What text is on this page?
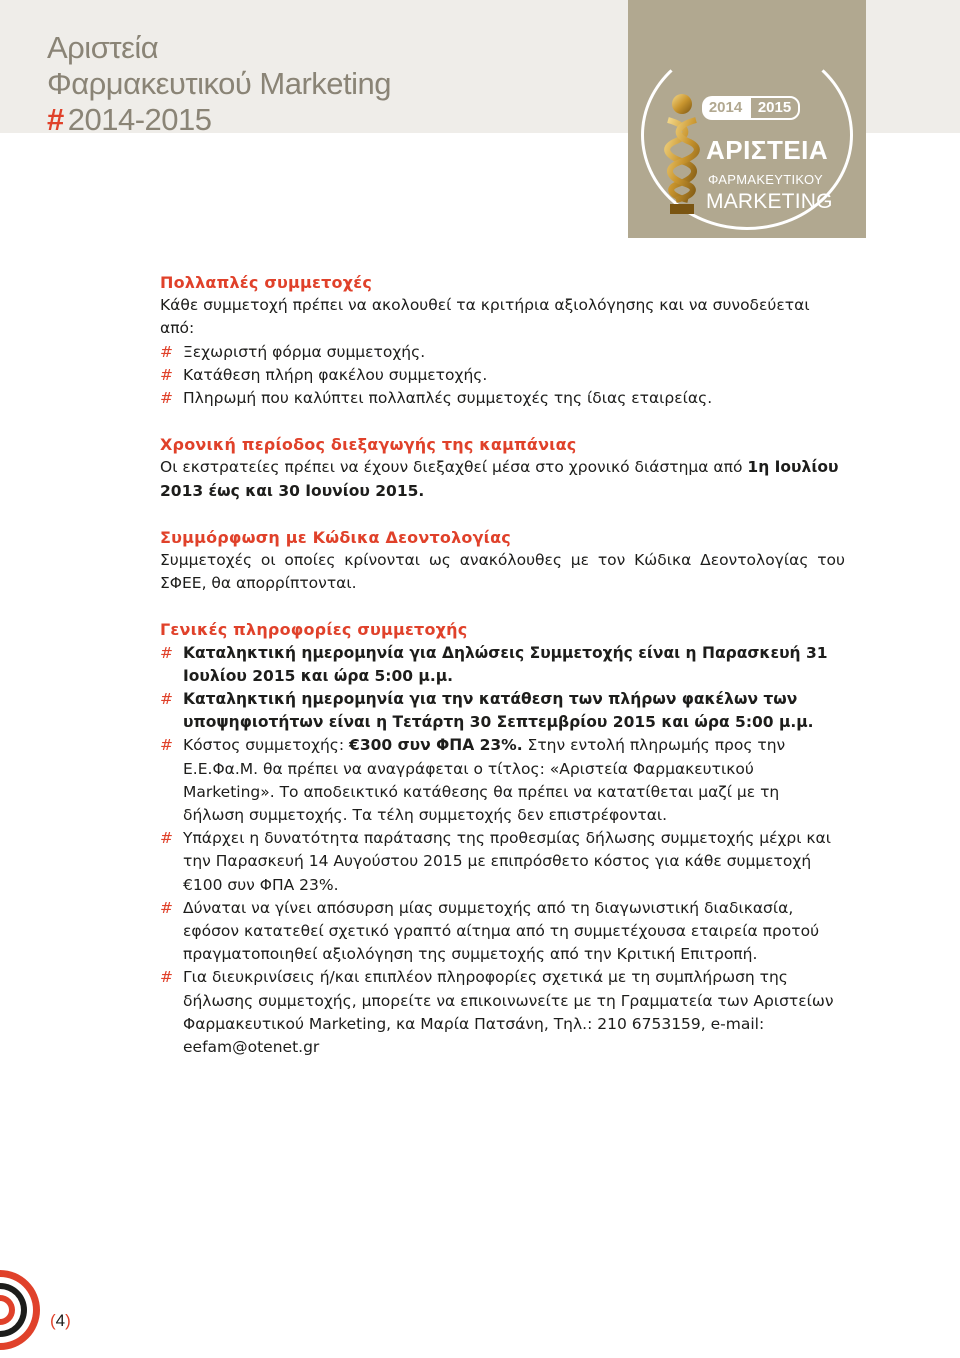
Αριστεία
Φαρμακευτικού Marketing
# 2014-2015	2014	2015
ΑΡΙΣΤΕΙΑ
ΦΑΡΜΑΚΕΥΤΙΚΟΥ
MARKETING
Πολλαπλές συμμετοχές

Κάθε συμμετοχή πρέπει να ακολουθεί τα κριτήρια αξιολόγησης και να συνοδεύεται από:

# Ξεχωριστή φόρμα συμμετοχής.
# Κατάθεση πλήρη φακέλου συμμετοχής.
# Πληρωμή που καλύπτει πολλαπλές συμμετοχές της ίδιας εταιρείας.
Χρονική περίοδος διεξαγωγής της καμπάνιας

Οι εκστρατείες πρέπει να έχουν διεξαχθεί μέσα στο χρονικό διάστημα από 1η Ιουλίου 2013 έως και 30 Ιουνίου 2015.

Συμμόρφωση με Κώδικα Δεοντολογίας

Συμμετοχές οι οποίες κρίνονται ως ανακόλουθες με τον Κώδικα Δεοντολογίας του ΣΦΕΕ, θα απορρίπτονται.

Γενικές πληροφορίες συμμετοχής
# Καταληκτική ημερομηνία για Δηλώσεις Συμμετοχής είναι η Παρασκευή 31 Ιουλίου 2015 και ώρα 5:00 μ.μ.
# Καταληκτική ημερομηνία για την κατάθεση των πλήρων φακέλων των υποψηφιοτήτων είναι η Τετάρτη 30 Σεπτεμβρίου 2015 και ώρα 5:00 μ.μ.
# Κόστος συμμετοχής: €300 συν ΦΠΑ 23%. Στην εντολή πληρωμής προς την Ε.Ε.Φα.Μ. θα πρέπει να αναγράφεται ο τίτλος: «Αριστεία Φαρμακευτικού Marketing». Το αποδεικτικό κατάθεσης θα πρέπει να κατατίθεται μαζί με τη δήλωση συμμετοχής. Τα τέλη συμμετοχής δεν επιστρέφονται.
# Υπάρχει η δυνατότητα παράτασης της προθεσμίας δήλωσης συμμετοχής μέχρι και την Παρασκευή 14 Αυγούστου 2015 με επιπρόσθετο κόστος για κάθε συμμετοχή €100 συν ΦΠΑ 23%.
# Δύναται να γίνει απόσυρση μίας συμμετοχής από τη διαγωνιστική διαδικασία, εφόσον κατατεθεί σχετικό γραπτό αίτημα από τη συμμετέχουσα εταιρεία προτού πραγματοποιηθεί αξιολόγηση της συμμετοχής από την Κριτική Επιτροπή.
# Για διευκρινίσεις ή/και επιπλέον πληροφορίες σχετικά με τη συμπλήρωση της δήλωσης συμμετοχής, μπορείτε να επικοινωνείτε με τη Γραμματεία των Αριστείων Φαρμακευτικού Marketing, κα Μαρία Πατσάνη, Τηλ.: 210 6753159, e-mail: eefam@otenet.gr
(4)
